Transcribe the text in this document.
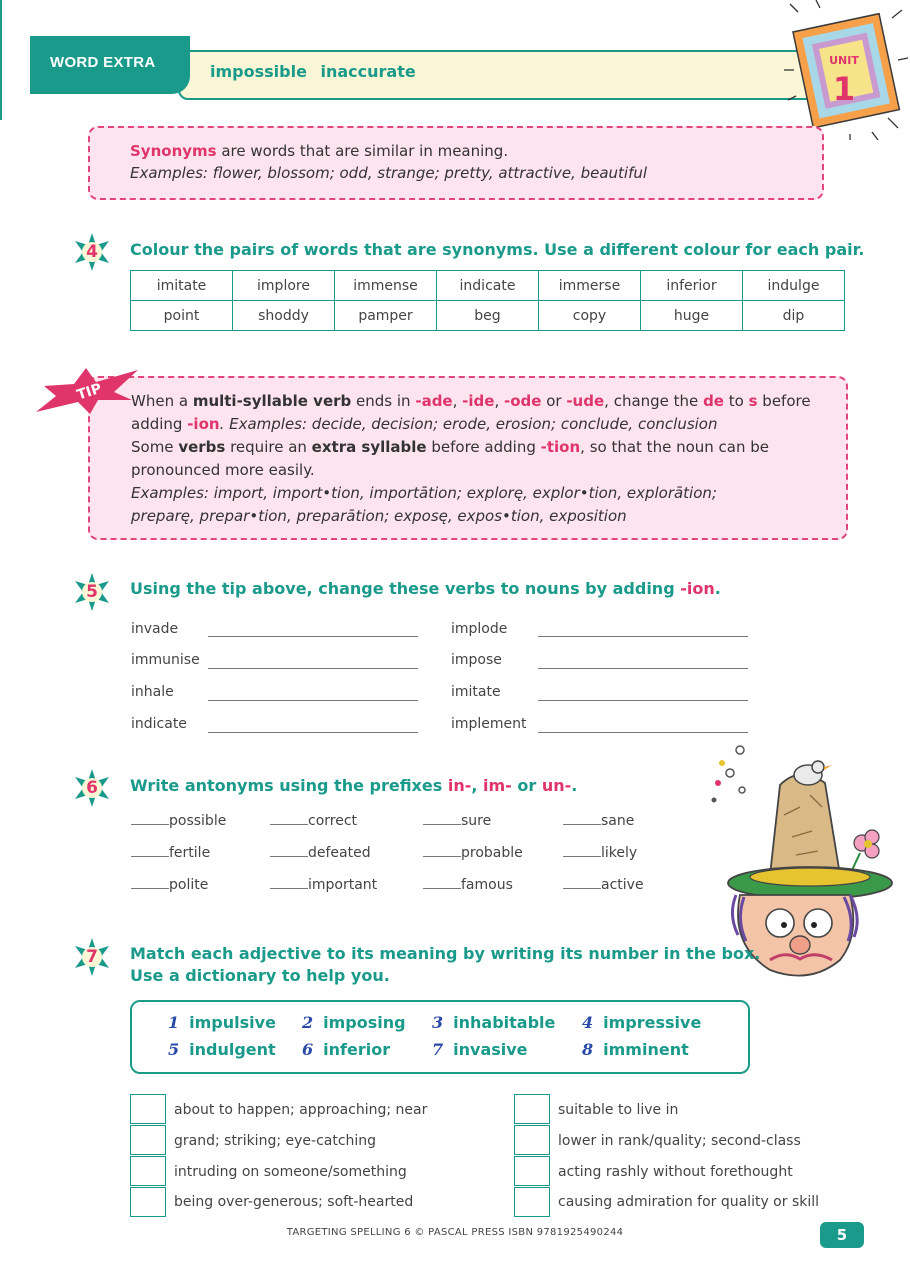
WORD EXTRA	impossible inaccurate
UNIT
1
Synonyms are words that are similar in meaning.
Examples: flower, blossom; odd, strange; pretty, attractive, beautiful
4	Colour the pairs of words that are synonyms. Use a different colour for each pair.
imitate	implore	immense	indicate	immerse	inferior	indulge
point	shoddy	pamper	beg	copy	huge	dip
TIP When a multi-syllable verb ends in -ade, -ide, -ode or -ude, change the de to s before
adding -ion. Examples: decide, decision; erode, erosion; conclude, conclusion
Some verbs require an extra syllable before adding -tion, so that the noun can be
pronounced more easily.
Examples: import, import•tion, importātion; explorę, explor•tion, explorātion;
preparę, prepar•tion, preparātion; exposę, expos•tion, exposition
5	Using the tip above, change these verbs to nouns by adding -ion.
invade
immunise
inhale
indicate
implode
impose
imitate
implement
6	Write antonyms using the prefixes in-, im- or un-.
possible	correct	sure	sane
fertile	defeated	probable	likely
polite	important	famous	active
7	Match each adjective to its meaning by writing its number in the box.
Use a dictionary to help you.
1 impulsive 2 imposing 3 inhabitable 4 impressive
5 indulgent 6 inferior	7 invasive	8 imminent
about to happen; approaching; near
grand; striking; eye-catching
intruding on someone/something
being over-generous; soft-hearted
suitable to live in
lower in rank/quality; second-class
acting rashly without forethought
causing admiration for quality or skill
TARGETING SPELLING 6 © PASCAL PRESS ISBN 9781925490244	5
